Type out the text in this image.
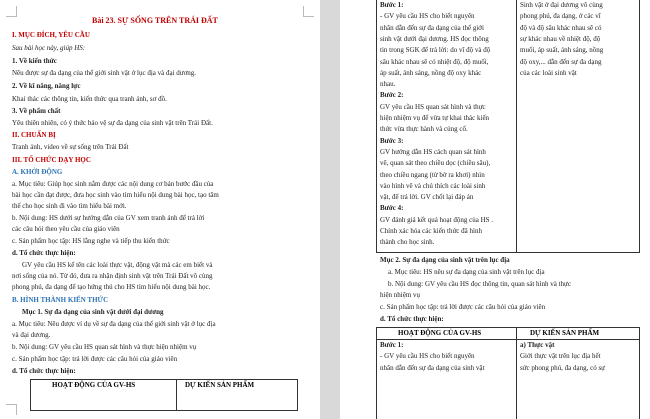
Bài 23. SỰ SỐNG TRÊN TRÁI ĐẤT
I. MỤC ĐÍCH, YÊU CẦU
Sau bài học này, giúp HS:
1. Về kiến thức
Nêu được sự đa dạng của thế giới sinh vật ở lục địa và đại dương.
2. Về kĩ năng, năng lực
Khai thác các thông tin, kiến thức qua tranh ảnh, sơ đồ.
3. Về phẩm chất
Yêu thiên nhiên, có ý thức bảo vệ sự đa dạng của sinh vật trên Trái Đất.
II. CHUẨN BỊ
Tranh ảnh, video về sự sống trên Trái Đất
III. TỔ CHỨC DẠY HỌC
A. KHỞI ĐỘNG
a. Mục tiêu: Giúp học sinh nắm được các nội dung cơ bản bước đầu của
bài học cần đạt được, đưa học sinh vào tìm hiểu nội dung bài học, tạo tâm
thế cho học sinh đi vào tìm hiểu bài mới.
b. Nội dung: HS dưới sự hướng dẫn của GV xem tranh ảnh để trả lời
các câu hỏi theo yêu cầu của giáo viên
c. Sản phẩm học tập: HS lắng nghe và tiếp thu kiến thức
d. Tổ chức thực hiện:
GV yêu cầu HS kể tên các loài thực vật, động vật mà các em biết và
nơi sống của nó. Từ đó, đưa ra nhận định sinh vật trên Trái Đất vô cùng
phong phú, đa dạng để tạo hứng thú cho HS tìm hiểu nội dung bài học.
B. HÌNH THÀNH KIẾN THỨC
Mục 1. Sự đa dạng của sinh vật dưới đại dương
a. Mục tiêu: Nêu được ví dụ về sự đa dạng của thế giới sinh vật ở lục địa
và đại dương.
b. Nội dung: GV yêu cầu HS quan sát hình và thực hiện nhiệm vụ
c. Sản phẩm học tập: trả lời được các câu hỏi của giáo viên
d. Tổ chức thực hiện:
HOẠT ĐỘNG CỦA GV-HS	DỰ KIẾN SẢN PHẨM
Bước 1:
- GV yêu cầu HS cho biết nguyên
nhân dẫn đến sự đa dạng của thế giới
sinh vật dưới đại dương. HS đọc thông
tin trong SGK để trả lời: do vĩ độ và độ
sâu khác nhau sẽ có nhiệt độ, độ muối,
áp suất, ánh sáng, nồng độ oxy khác
nhau.
Bước 2:
GV yêu cầu HS quan sát hình và thực
hiện nhiệm vụ để vừa tự khai thác kiến
thức vừa thực hành và củng cố.
Bước 3:
GV hướng dẫn HS cách quan sát hình
vẽ, quan sát theo chiều dọc (chiều sâu),
theo chiều ngang (từ bờ ra khơi) nhìn
vào hình vẽ và chú thích các loài sinh
vật, để trả lời. GV chốt lại đáp án
Bước 4:
GV đánh giá kết quả hoạt động của HS .
Chính xác hóa các kiến thức đã hình
thành cho học sinh.
Sinh vật ở đại dương vô cùng
phong phú, đa dạng, ở các vĩ
độ và độ sâu khác nhau sẽ có
sự khác nhau về nhiệt độ, độ
muối, áp suất, ánh sáng, nồng
độ oxy,... dẫn đến sự đa dạng
của các loài sinh vật
Mục 2. Sự đa dạng của sinh vật trên lục địa
a. Mục tiêu: HS nêu sự đa dạng của sinh vật trên lục địa
b. Nội dung: GV yêu cầu HS đọc thông tin, quan sát hình và thực
hiện nhiệm vụ
c. Sản phẩm học tập: trả lời được các câu hỏi của giáo viên
d. Tổ chức thực hiện:
HOẠT ĐỘNG CỦA GV-HS	DỰ KIẾN SẢN PHẨM
Bước 1:
- GV yêu cầu HS cho biết nguyên
nhân dẫn đến sự đa dạng của sinh vật
a) Thực vật
Giới thực vật trên lục địa hết
sức phong phú, đa dạng, có sự
